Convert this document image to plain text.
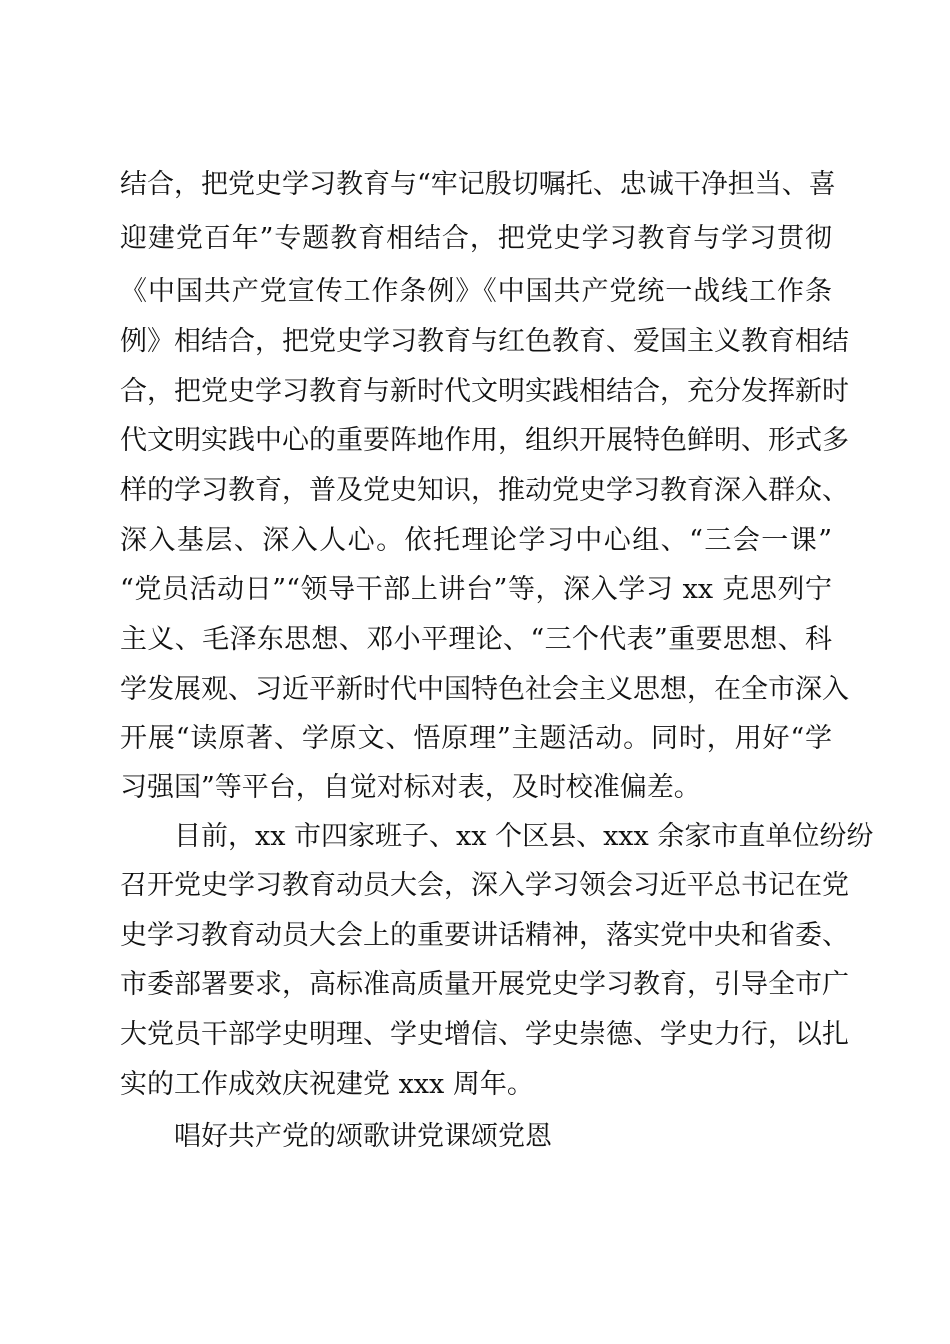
结合，把党史学习教育与“牢记殷切嘱托、忠诚干净担当、喜
迎建党百年”专题教育相结合，把党史学习教育与学习贯彻
《中国共产党宣传工作条例》《中国共产党统一战线工作条
例》相结合，把党史学习教育与红色教育、爱国主义教育相结
合，把党史学习教育与新时代文明实践相结合，充分发挥新时
代文明实践中心的重要阵地作用，组织开展特色鲜明、形式多
样的学习教育，普及党史知识，推动党史学习教育深入群众、
深入基层、深入人心。依托理论学习中心组、“三会一课”
“党员活动日”“领导干部上讲台”等，深入学习 xx 克思列宁
主义、毛泽东思想、邓小平理论、“三个代表”重要思想、科
学发展观、习近平新时代中国特色社会主义思想，在全市深入
开展“读原著、学原文、悟原理”主题活动。同时，用好“学
习强国”等平台，自觉对标对表，及时校准偏差。
目前，xx 市四家班子、xx 个区县、xxx 余家市直单位纷纷
召开党史学习教育动员大会，深入学习领会习近平总书记在党
史学习教育动员大会上的重要讲话精神，落实党中央和省委、
市委部署要求，高标准高质量开展党史学习教育，引导全市广
大党员干部学史明理、学史增信、学史崇德、学史力行，以扎
实的工作成效庆祝建党 xxx 周年。
唱好共产党的颂歌讲党课颂党恩
